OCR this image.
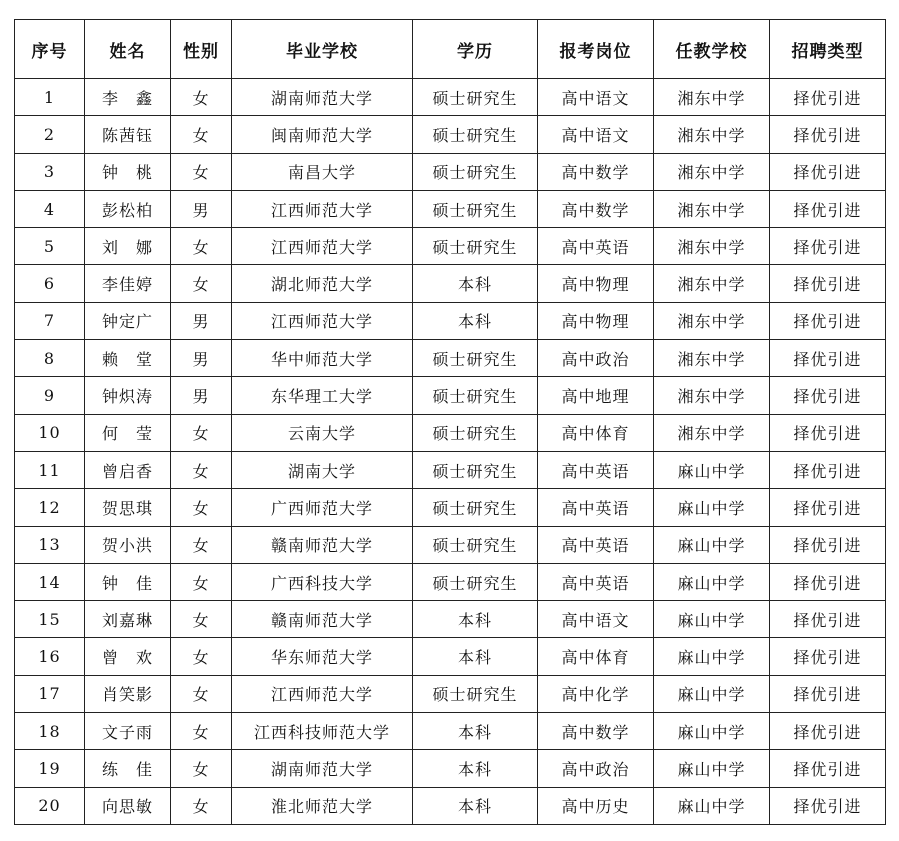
序号	姓名	性别	毕业学校	学历	报考岗位	任教学校	招聘类型
1	李　鑫	女	湖南师范大学	硕士研究生	高中语文	湘东中学	择优引进
2	陈茜钰	女	闽南师范大学	硕士研究生	高中语文	湘东中学	择优引进
3	钟　桃	女	南昌大学	硕士研究生	高中数学	湘东中学	择优引进
4	彭松柏	男	江西师范大学	硕士研究生	高中数学	湘东中学	择优引进
5	刘　娜	女	江西师范大学	硕士研究生	高中英语	湘东中学	择优引进
6	李佳婷	女	湖北师范大学	本科	高中物理	湘东中学	择优引进
7	钟定广	男	江西师范大学	本科	高中物理	湘东中学	择优引进
8	赖　堂	男	华中师范大学	硕士研究生	高中政治	湘东中学	择优引进
9	钟炽涛	男	东华理工大学	硕士研究生	高中地理	湘东中学	择优引进
10	何　莹	女	云南大学	硕士研究生	高中体育	湘东中学	择优引进
11	曾启香	女	湖南大学	硕士研究生	高中英语	麻山中学	择优引进
12	贺思琪	女	广西师范大学	硕士研究生	高中英语	麻山中学	择优引进
13	贺小洪	女	赣南师范大学	硕士研究生	高中英语	麻山中学	择优引进
14	钟　佳	女	广西科技大学	硕士研究生	高中英语	麻山中学	择优引进
15	刘嘉琳	女	赣南师范大学	本科	高中语文	麻山中学	择优引进
16	曾　欢	女	华东师范大学	本科	高中体育	麻山中学	择优引进
17	肖笑影	女	江西师范大学	硕士研究生	高中化学	麻山中学	择优引进
18	文子雨	女	江西科技师范大学	本科	高中数学	麻山中学	择优引进
19	练　佳	女	湖南师范大学	本科	高中政治	麻山中学	择优引进
20	向思敏	女	淮北师范大学	本科	高中历史	麻山中学	择优引进
